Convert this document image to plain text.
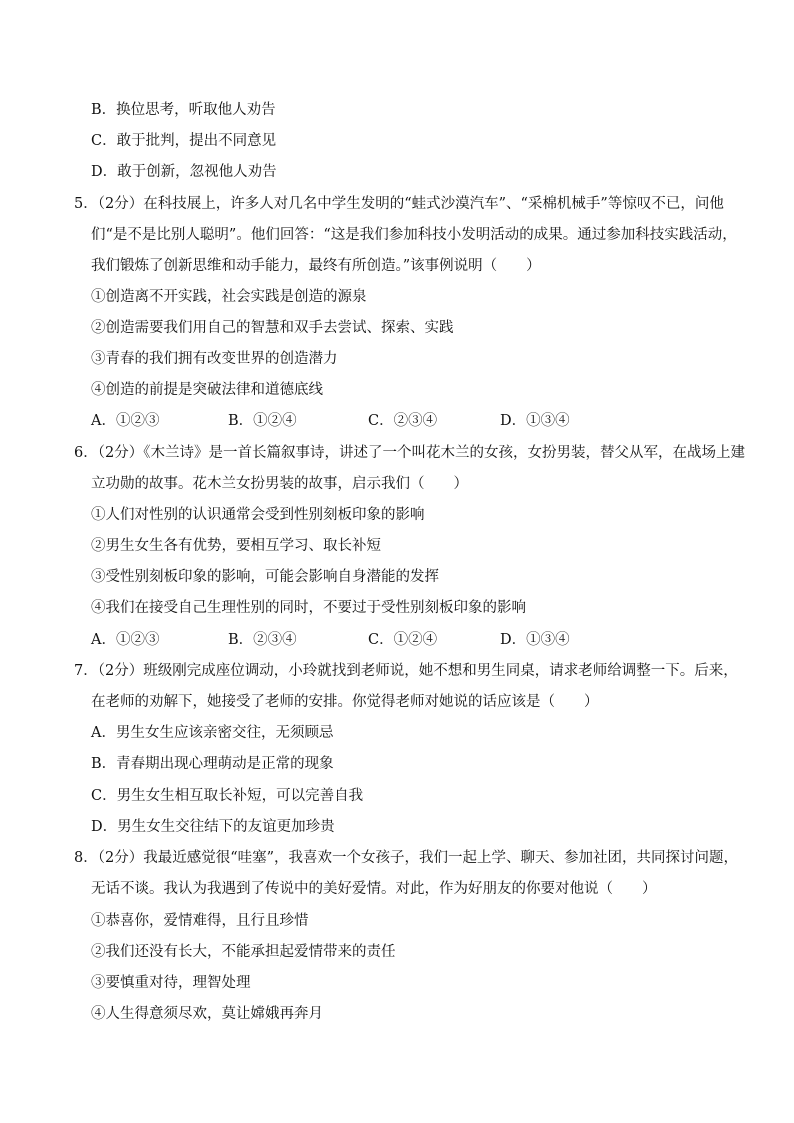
B．换位思考，听取他人劝告
C．敢于批判，提出不同意见
D．敢于创新，忽视他人劝告
5．（2分）在科技展上，许多人对几名中学生发明的“蛙式沙漠汽车”、“采棉机械手”等惊叹不已，问他
们“是不是比别人聪明”。他们回答：“这是我们参加科技小发明活动的成果。通过参加科技实践活动，
我们锻炼了创新思维和动手能力，最终有所创造。”该事例说明（　　）
①创造离不开实践，社会实践是创造的源泉
②创造需要我们用自己的智慧和双手去尝试、探索、实践
③青春的我们拥有改变世界的创造潜力
④创造的前提是突破法律和道德底线
A．①②③	B．①②④	C．②③④	D．①③④
6．（2分）《木兰诗》是一首长篇叙事诗，讲述了一个叫花木兰的女孩，女扮男装，替父从军，在战场上建
立功勋的故事。花木兰女扮男装的故事，启示我们（　　）
①人们对性别的认识通常会受到性别刻板印象的影响
②男生女生各有优势，要相互学习、取长补短
③受性别刻板印象的影响，可能会影响自身潜能的发挥
④我们在接受自己生理性别的同时，不要过于受性别刻板印象的影响
A．①②③	B．②③④	C．①②④	D．①③④
7．（2分）班级刚完成座位调动，小玲就找到老师说，她不想和男生同桌，请求老师给调整一下。后来，
在老师的劝解下，她接受了老师的安排。你觉得老师对她说的话应该是（　　）
A．男生女生应该亲密交往，无须顾忌
B．青春期出现心理萌动是正常的现象
C．男生女生相互取长补短，可以完善自我
D．男生女生交往结下的友谊更加珍贵
8．（2分）我最近感觉很“哇塞”，我喜欢一个女孩子，我们一起上学、聊天、参加社团，共同探讨问题，
无话不谈。我认为我遇到了传说中的美好爱情。对此，作为好朋友的你要对他说（　　）
①恭喜你，爱情难得，且行且珍惜
②我们还没有长大，不能承担起爱情带来的责任
③要慎重对待，理智处理
④人生得意须尽欢，莫让嫦娥再奔月
